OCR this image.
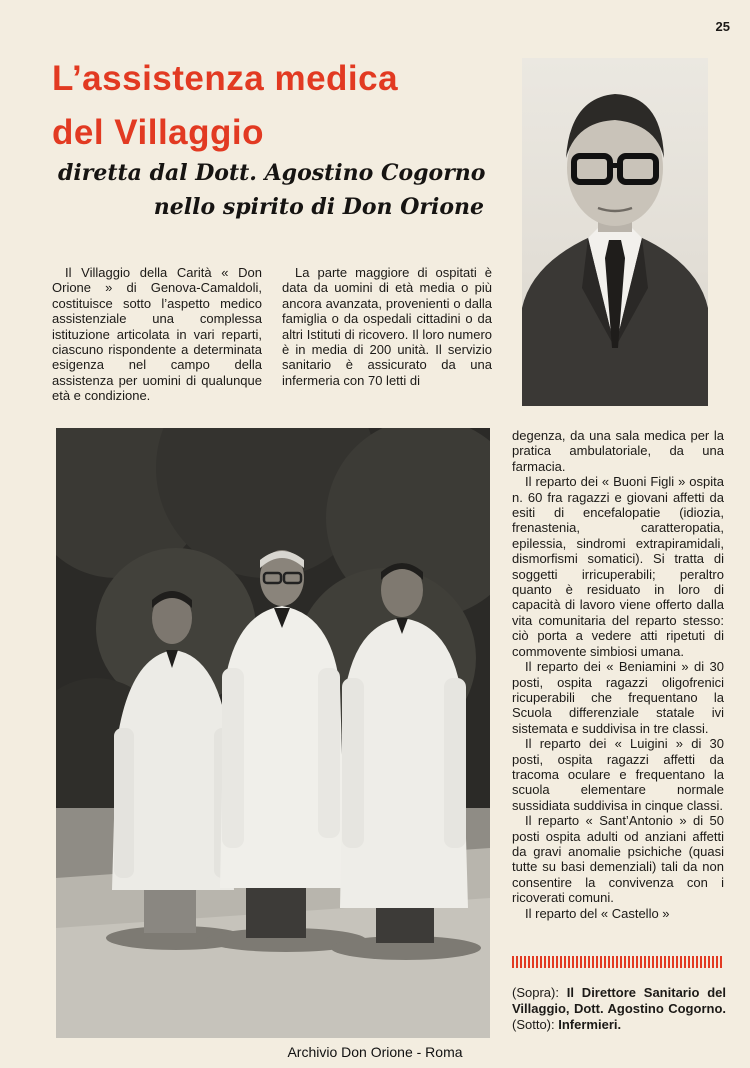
25
L’assistenza medica
del Villaggio
diretta dal Dott. Agostino Cogorno
nello spirito di Don Orione

Il Villaggio della Carità « Don Orione » di Genova-Camaldoli, costituisce sotto l’aspetto medico assistenziale una complessa istituzione articolata in vari reparti, ciascuno rispondente a determinata esigenza nel campo della assistenza per uomini di qualunque età e condizione.

La parte maggiore di ospitati è data da uomini di età media o più ancora avanzata, provenienti o dalla famiglia o da ospedali cittadini o da altri Istituti di ricovero. Il loro numero è in media di 200 unità. Il servizio sanitario è assicurato da una infermeria con 70 letti di

degenza, da una sala medica per la pratica ambulatoriale, da una farmacia.

Il reparto dei « Buoni Figli » ospita n. 60 fra ragazzi e giovani affetti da esiti di encefalopatie (idiozia, frenastenia, caratteropatia, epilessia, sindromi extrapiramidali, dismorfismi somatici). Si tratta di soggetti irricuperabili; peraltro quanto è residuato in loro di capacità di lavoro viene offerto dalla vita comunitaria del reparto stesso: ciò porta a vedere atti ripetuti di commovente simbiosi umana.

Il reparto dei « Beniamini » di 30 posti, ospita ragazzi oligofrenici ricuperabili che frequentano la Scuola differenziale statale ivi sistemata e suddivisa in tre classi.

Il reparto dei « Luigini » di 30 posti, ospita ragazzi affetti da tracoma oculare e frequentano la scuola elementare normale sussidiata suddivisa in cinque classi.

Il reparto « Sant’Antonio » di 50 posti ospita adulti od anziani affetti da gravi anomalie psichiche (quasi tutte su basi demenziali) tali da non consentire la convivenza con i ricoverati comuni.

Il reparto del « Castello »

(Sopra): Il Direttore Sanitario del Villaggio, Dott. Agostino Cogorno. (Sotto): Infermieri.
Archivio Don Orione - Roma
